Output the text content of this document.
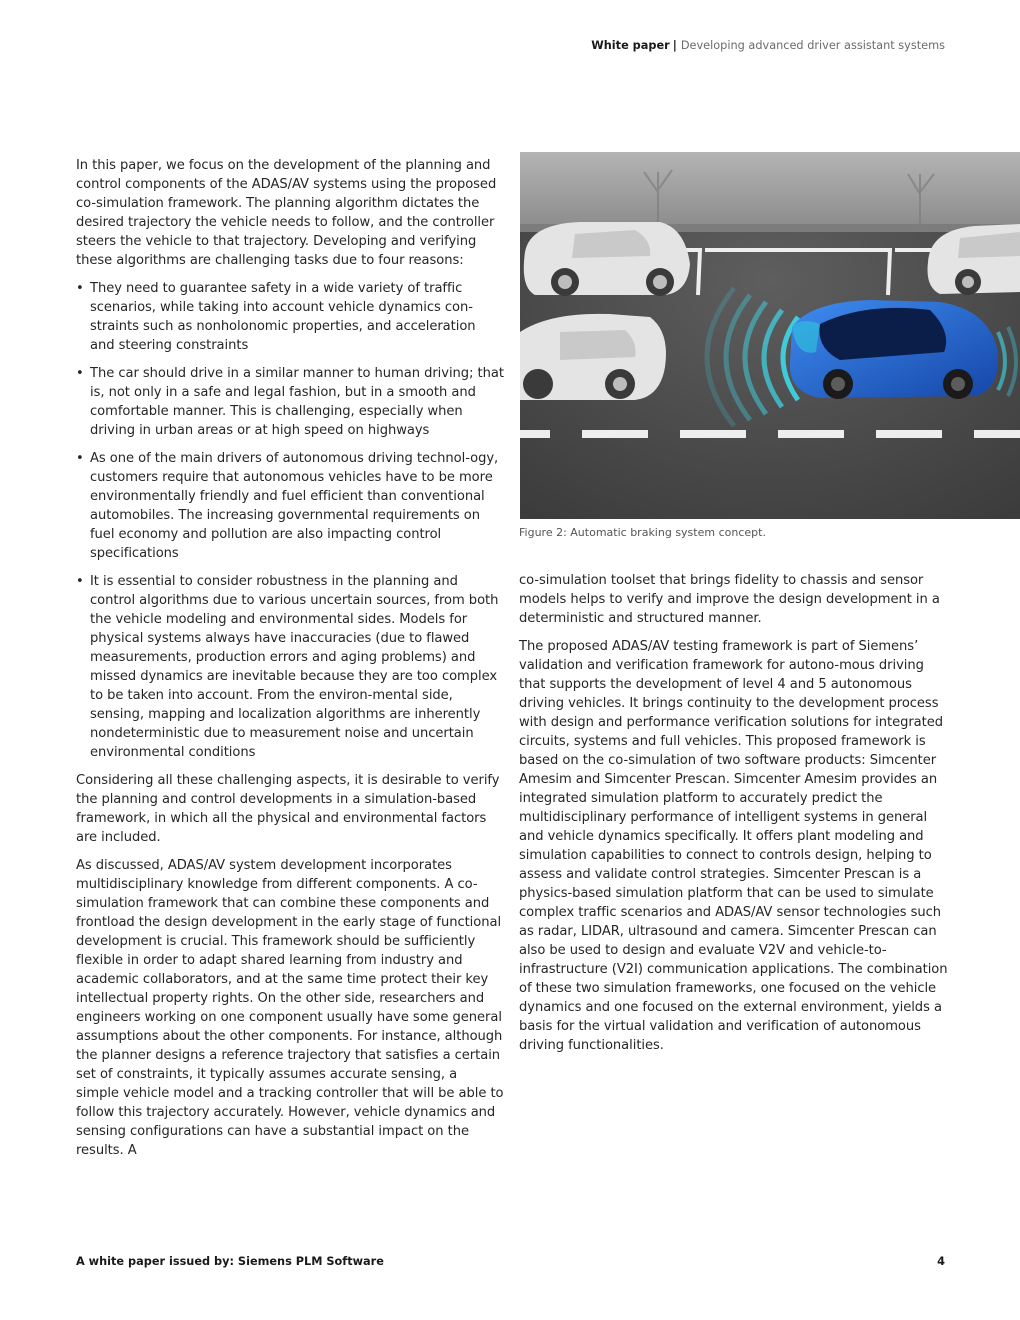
White paper | Developing advanced driver assistant systems

In this paper, we focus on the development of the planning and control components of the ADAS/AV systems using the proposed co-simulation framework. The planning algorithm dictates the desired trajectory the vehicle needs to follow, and the controller steers the vehicle to that trajectory. Developing and verifying these algorithms are challenging tasks due to four reasons:

• They need to guarantee safety in a wide variety of traffic scenarios, while taking into account vehicle dynamics con-straints such as nonholonomic properties, and acceleration and steering constraints
• The car should drive in a similar manner to human driving; that is, not only in a safe and legal fashion, but in a smooth and comfortable manner. This is challenging, especially when driving in urban areas or at high speed on highways
• As one of the main drivers of autonomous driving technol-ogy, customers require that autonomous vehicles have to be more environmentally friendly and fuel efficient than conventional automobiles. The increasing governmental requirements on fuel economy and pollution are also impacting control specifications
• It is essential to consider robustness in the planning and control algorithms due to various uncertain sources, from both the vehicle modeling and environmental sides. Models for physical systems always have inaccuracies (due to flawed measurements, production errors and aging problems) and missed dynamics are inevitable because they are too complex to be taken into account. From the environ-mental side, sensing, mapping and localization algorithms are inherently nondeterministic due to measurement noise and uncertain environmental conditions

Considering all these challenging aspects, it is desirable to verify the planning and control developments in a simulation-based framework, in which all the physical and environmental factors are included.

As discussed, ADAS/AV system development incorporates multidisciplinary knowledge from different components. A co-simulation framework that can combine these components and frontload the design development in the early stage of functional development is crucial. This framework should be sufficiently flexible in order to adapt shared learning from industry and academic collaborators, and at the same time protect their key intellectual property rights. On the other side, researchers and engineers working on one component usually have some general assumptions about the other components. For instance, although the planner designs a reference trajectory that satisfies a certain set of constraints, it typically assumes accurate sensing, a simple vehicle model and a tracking controller that will be able to follow this trajectory accurately. However, vehicle dynamics and sensing configurations can have a substantial impact on the results. A

Figure 2: Automatic braking system concept.

co-simulation toolset that brings fidelity to chassis and sensor models helps to verify and improve the design development in a deterministic and structured manner.

The proposed ADAS/AV testing framework is part of Siemens’ validation and verification framework for autono-mous driving that supports the development of level 4 and 5 autonomous driving vehicles. It brings continuity to the development process with design and performance verification solutions for integrated circuits, systems and full vehicles. This proposed framework is based on the co-simulation of two software products: Simcenter Amesim and Simcenter Prescan. Simcenter Amesim provides an integrated simulation platform to accurately predict the multidisciplinary performance of intelligent systems in general and vehicle dynamics specifically. It offers plant modeling and simulation capabilities to connect to controls design, helping to assess and validate control strategies. Simcenter Prescan is a physics-based simulation platform that can be used to simulate complex traffic scenarios and ADAS/AV sensor technologies such as radar, LIDAR, ultrasound and camera. Simcenter Prescan can also be used to design and evaluate V2V and vehicle-to-infrastructure (V2I) communication applications. The combination of these two simulation frameworks, one focused on the vehicle dynamics and one focused on the external environment, yields a basis for the virtual validation and verification of autonomous driving functionalities.

A white paper issued by: Siemens PLM Software	4
